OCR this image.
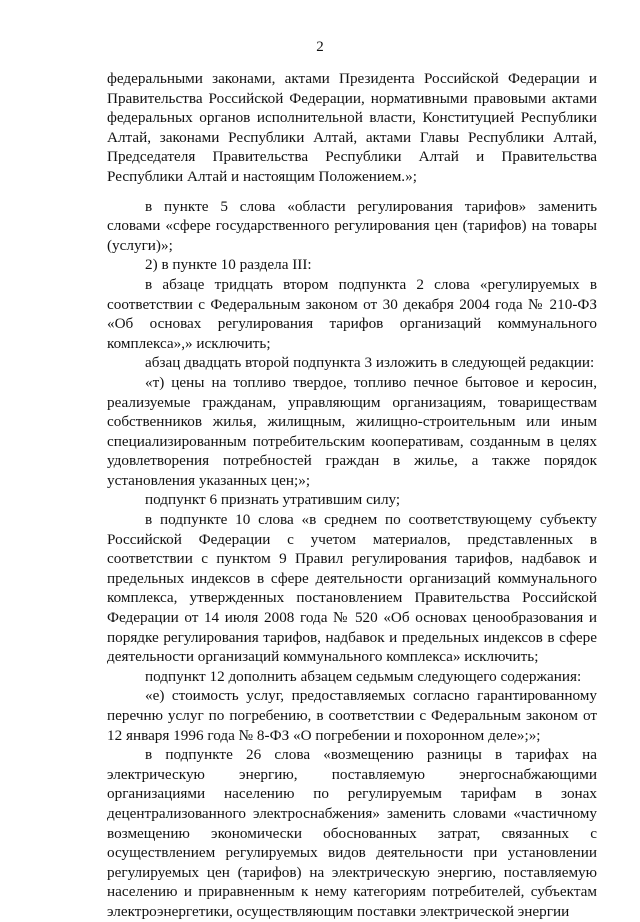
2

федеральными законами, актами Президента Российской Федерации и Правительства Российской Федерации, нормативными правовыми актами федеральных органов исполнительной власти, Конституцией Республики Алтай, законами Республики Алтай, актами Главы Республики Алтай, Председателя Правительства Республики Алтай и Правительства Республики Алтай и настоящим Положением.»;

в пункте 5 слова «области регулирования тарифов» заменить словами «сфере государственного регулирования цен (тарифов) на товары (услуги)»;

2) в пункте 10 раздела III:

в абзаце тридцать втором подпункта 2 слова «регулируемых в соответствии с Федеральным законом от 30 декабря 2004 года № 210-ФЗ «Об основах регулирования тарифов организаций коммунального комплекса»,» исключить;

абзац двадцать второй подпункта 3 изложить в следующей редакции:

«т) цены на топливо твердое, топливо печное бытовое и керосин, реализуемые гражданам, управляющим организациям, товариществам собственников жилья, жилищным, жилищно-строительным или иным специализированным потребительским кооперативам, созданным в целях удовлетворения потребностей граждан в жилье, а также порядок установления указанных цен;»;

подпункт 6 признать утратившим силу;

в подпункте 10 слова «в среднем по соответствующему субъекту Российской Федерации с учетом материалов, представленных в соответствии с пунктом 9 Правил регулирования тарифов, надбавок и предельных индексов в сфере деятельности организаций коммунального комплекса, утвержденных постановлением Правительства Российской Федерации от 14 июля 2008 года № 520 «Об основах ценообразования и порядке регулирования тарифов, надбавок и предельных индексов в сфере деятельности организаций коммунального комплекса» исключить;

подпункт 12 дополнить абзацем седьмым следующего содержания:

«е) стоимость услуг, предоставляемых согласно гарантированному перечню услуг по погребению, в соответствии с Федеральным законом от 12 января 1996 года № 8-ФЗ «О погребении и похоронном деле»;»;

в подпункте 26 слова «возмещению разницы в тарифах на электрическую энергию, поставляемую энергоснабжающими организациями населению по регулируемым тарифам в зонах децентрализованного электроснабжения» заменить словами «частичному возмещению экономически обоснованных затрат, связанных с осуществлением регулируемых видов деятельности при установлении регулируемых цен (тарифов) на электрическую энергию, поставляемую населению и приравненным к нему категориям потребителей, субъектам электроэнергетики, осуществляющим поставки электрической энергии
